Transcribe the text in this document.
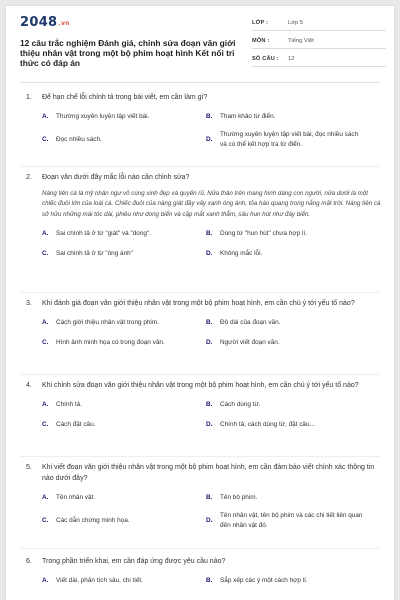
2048.vn
12 câu trắc nghiệm Đánh giá, chỉnh sửa đoạn văn giới thiệu nhân vật trong một bộ phim hoạt hình Kết nối tri thức có đáp án
LỚP :	Lớp 5
MÔN :	Tiếng Việt
SỐ CÂU :	12
1.	Để hạn chế lỗi chính tả trong bài viết, em cần làm gì?
A.	Thường xuyên luyện tập viết bài.	B.	Tham khảo từ điển.
C.	Đọc nhiều sách.	D.
Thường xuyên luyện tập viết bài, đọc nhiều sách và có thể kết hợp tra từ điển.
2.	Đoạn văn dưới đây mắc lỗi nào cần chỉnh sửa?
Nàng tiên cá là mỹ nhân ngư vô cùng xinh đẹp và quyến rũ. Nửa thân trên mang hình dáng con người, nửa dưới là một chiếc đuôi lớn của loài cá. Chiếc đuôi của nàng giát đầy vảy xanh óng ánh, tỏa hào quang trong nắng mặt trời. Nàng tiên cá sở hữu những mái tóc dài, phiêu như dong biển và cặp mắt xanh thẳm, sâu hun hút như đáy biển.
A.	Sai chính tả ở từ "giát" và "dong".	B.	Dùng từ "hun hút" chưa hợp lí.
C.	Sai chính tả ở từ "óng ánh"	D.	Không mắc lỗi.
3.	Khi đánh giá đoạn văn giới thiệu nhân vật trong một bộ phim hoạt hình, em cần chú ý tới yếu tố nào?
A.	Cách giới thiệu nhân vật trong phim.	B.	Độ dài của đoạn văn.
C.	Hình ảnh minh họa có trong đoạn văn.	D.	Người viết đoạn văn.
4.	Khi chỉnh sửa đoạn văn giới thiệu nhân vật trong một bộ phim hoạt hình, em cần chú ý tới yếu tố nào?
A.	Chính tả.	B.	Cách dùng từ.
C.	Cách đặt câu.	D.	Chính tả, cách dùng từ, đặt câu...
5.	Khi viết đoạn văn giới thiệu nhân vật trong một bộ phim hoạt hình, em cần đảm bảo viết chính xác thông tin nào dưới đây?
A.	Tên nhân vật.	B.	Tên bộ phim.
C.	Các dẫn chứng minh họa.	D.
Tên nhân vật, tên bộ phim và các chi tiết liên quan đến nhân vật đó.
6.	Trong phần triển khai, em cần đáp ứng được yêu cầu nào?
A.	Viết dài, phân tích sâu, chi tiết.	B.	Sắp xếp các ý một cách hợp lí.
